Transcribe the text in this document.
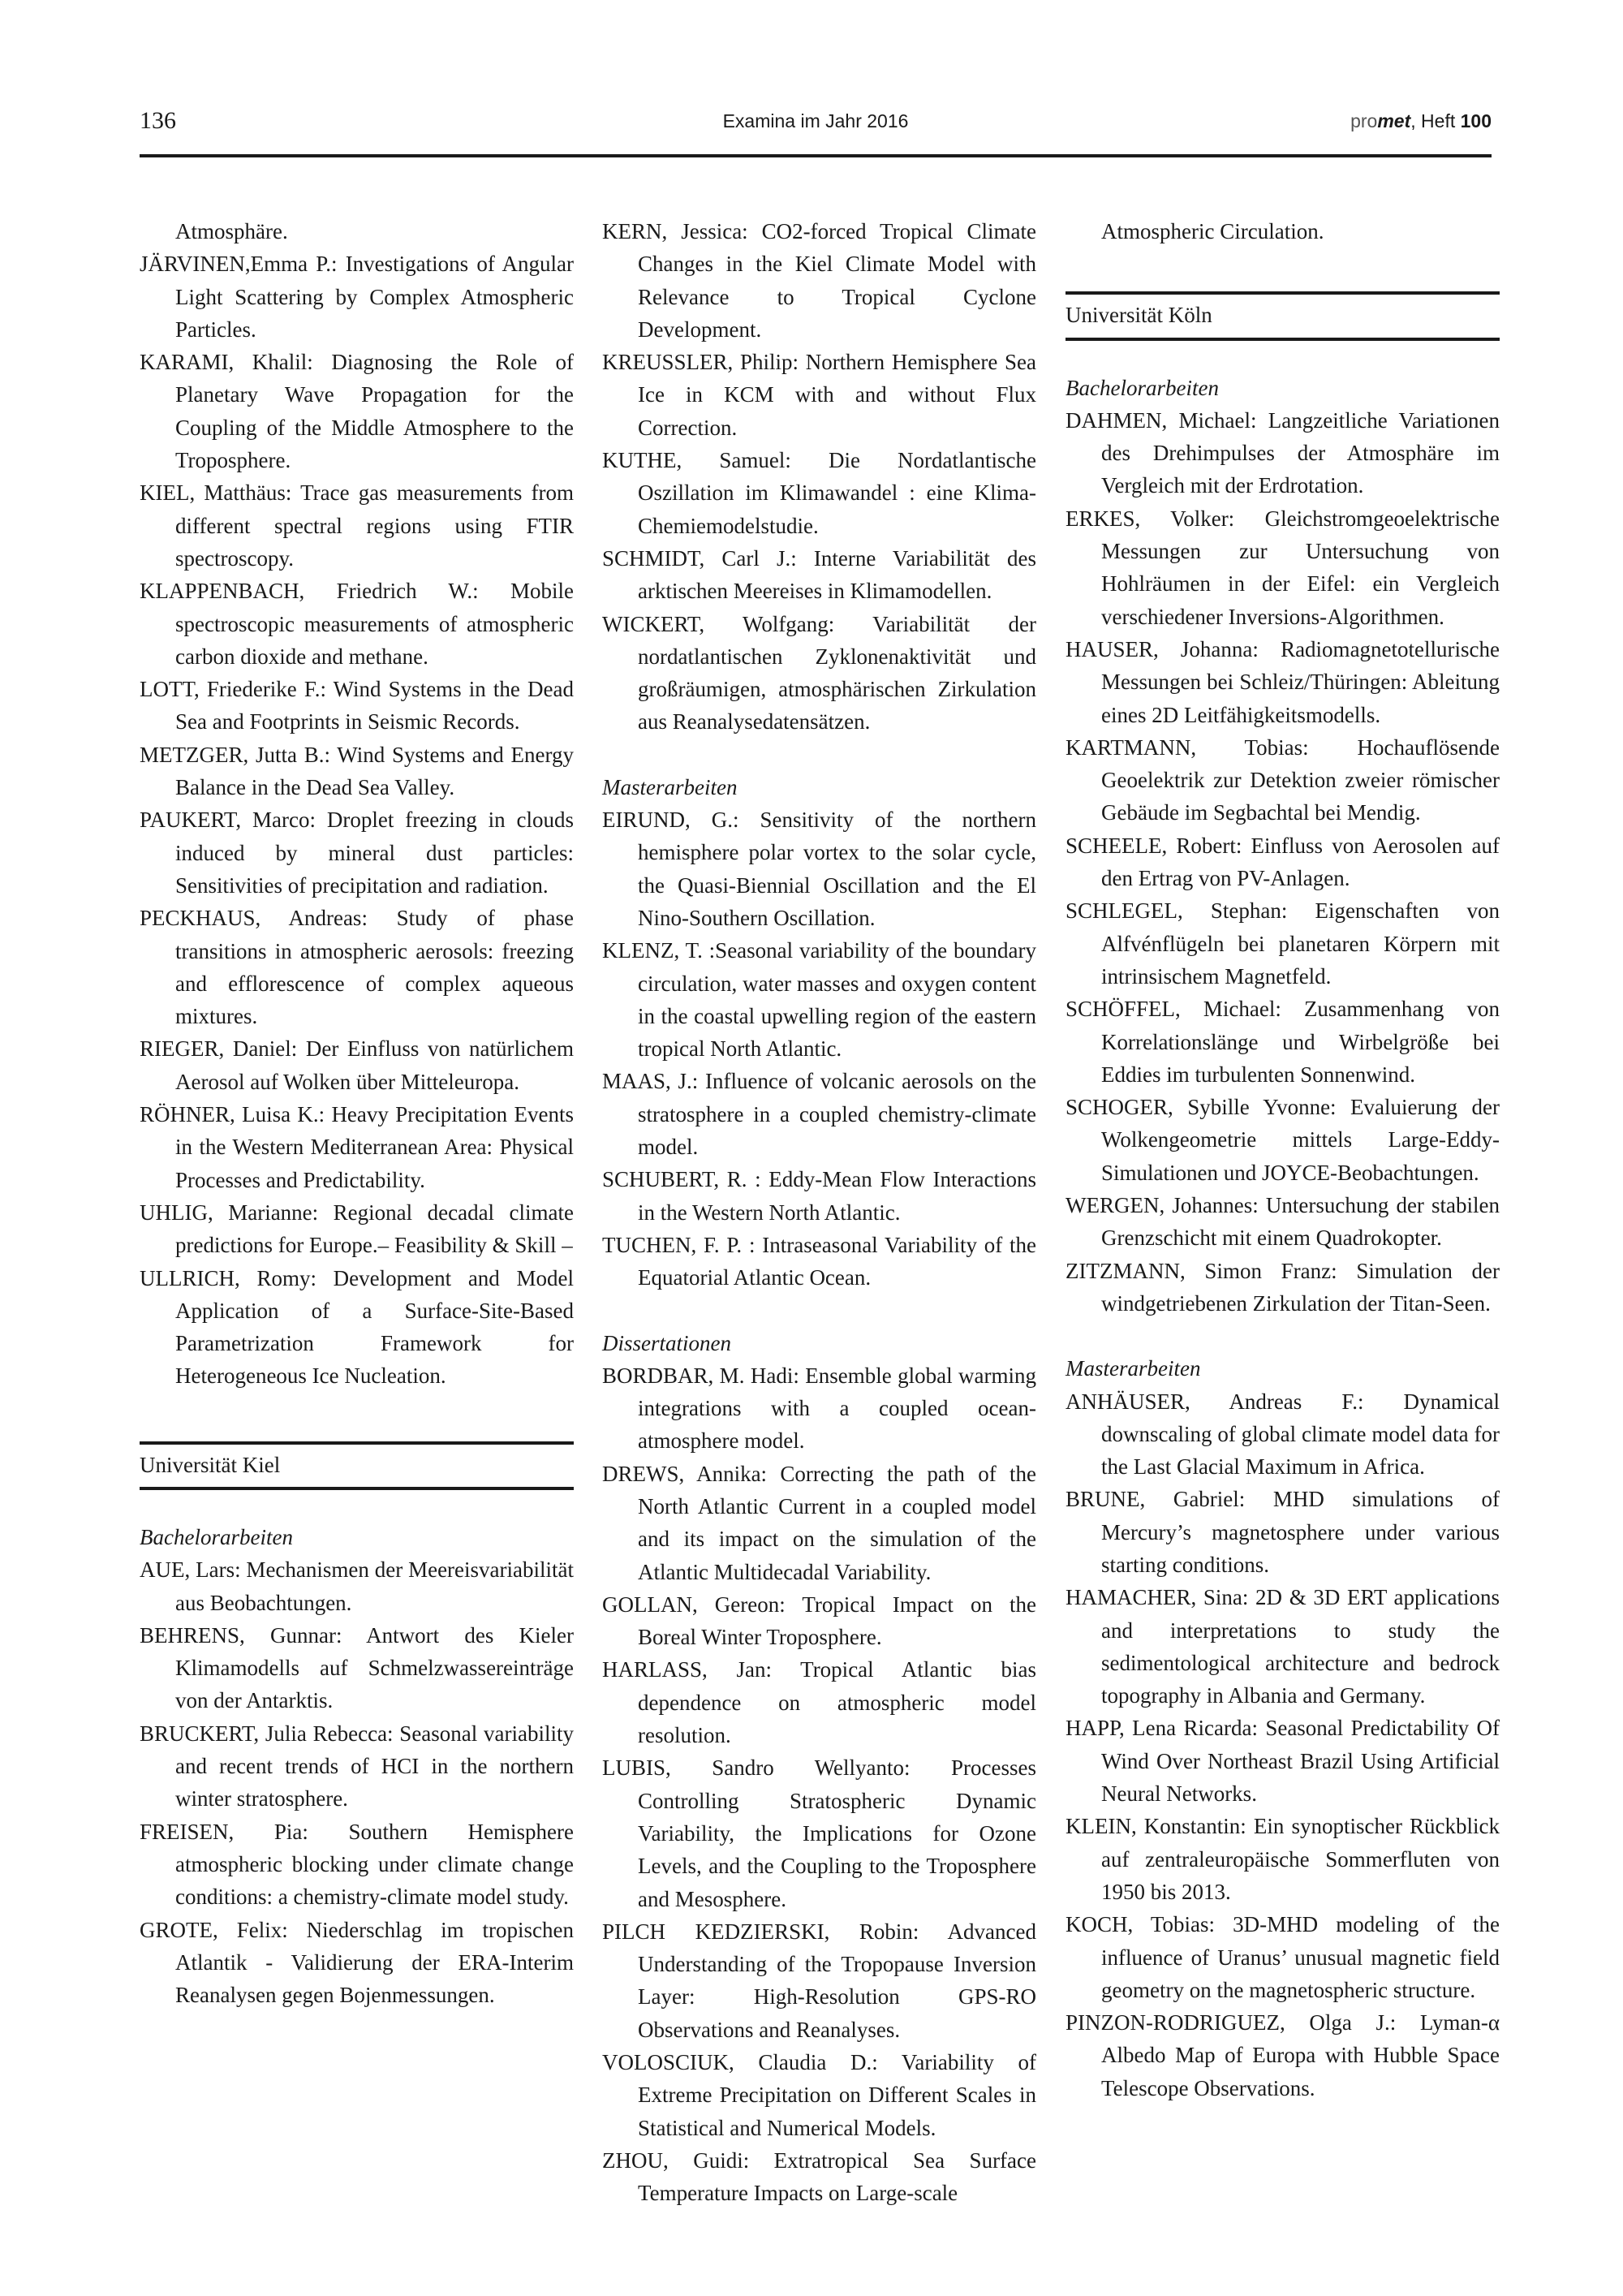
136	Examina im Jahr 2016	promet, Heft 100
Atmosphäre.
JÄRVINEN,Emma P.: Investigations of Angular Light Scattering by Complex Atmospheric Particles.
KARAMI, Khalil: Diagnosing the Role of Planetary Wave Propagation for the Coupling of the Middle Atmosphere to the Troposphere.
KIEL, Matthäus: Trace gas measurements from different spectral regions using FTIR spectroscopy.
KLAPPENBACH, Friedrich W.: Mobile spectroscopic measurements of atmospheric carbon dioxide and methane.
LOTT, Friederike F.: Wind Systems in the Dead Sea and Footprints in Seismic Records.
METZGER, Jutta B.: Wind Systems and Energy Balance in the Dead Sea Valley.
PAUKERT, Marco: Droplet freezing in clouds induced by mineral dust particles: Sensitivities of precipitation and radiation.
PECKHAUS, Andreas: Study of phase transitions in atmospheric aerosols: freezing and efflorescence of complex aqueous mixtures.
RIEGER, Daniel: Der Einfluss von natürlichem Aerosol auf Wolken über Mitteleuropa.
RÖHNER, Luisa K.: Heavy Precipitation Events in the Western Mediterranean Area: Physical Processes and Predictability.
UHLIG, Marianne: Regional decadal climate predictions for Europe.– Feasibility & Skill –
ULLRICH, Romy: Development and Model Application of a Surface-Site-Based Parametrization Framework for Heterogeneous Ice Nucleation.
Universität Kiel
Bachelorarbeiten
AUE, Lars: Mechanismen der Meereisvariabilität aus Beobachtungen.
BEHRENS, Gunnar: Antwort des Kieler Klimamodells auf Schmelzwassereinträge von der Antarktis.
BRUCKERT, Julia Rebecca: Seasonal variability and recent trends of HCI in the northern winter stratosphere.
FREISEN, Pia: Southern Hemisphere atmospheric blocking under climate change conditions: a chemistry-climate model study.
GROTE, Felix: Niederschlag im tropischen Atlantik - Validierung der ERA-Interim Reanalysen gegen Bojenmessungen.
KERN, Jessica: CO2-forced Tropical Climate Changes in the Kiel Climate Model with Relevance to Tropical Cyclone Development.
KREUSSLER, Philip: Northern Hemisphere Sea Ice in KCM with and without Flux Correction.
KUTHE, Samuel: Die Nordatlantische Oszillation im Klimawandel : eine Klima-Chemiemodelstudie.
SCHMIDT, Carl J.: Interne Variabilität des arktischen Meereises in Klimamodellen.
WICKERT, Wolfgang: Variabilität der nordatlantischen Zyklonenaktivität und großräumigen, atmosphärischen Zirkulation aus Reanalysedatensätzen.
Masterarbeiten
EIRUND, G.: Sensitivity of the northern hemisphere polar vortex to the solar cycle, the Quasi-Biennial Oscillation and the El Nino-Southern Oscillation.
KLENZ, T. :Seasonal variability of the boundary circulation, water masses and oxygen content in the coastal upwelling region of the eastern tropical North Atlantic.
MAAS, J.: Influence of volcanic aerosols on the stratosphere in a coupled chemistry-climate model.
SCHUBERT, R. : Eddy-Mean Flow Interactions in the Western North Atlantic.
TUCHEN, F. P. : Intraseasonal Variability of the Equatorial Atlantic Ocean.
Dissertationen
BORDBAR, M. Hadi: Ensemble global warming integrations with a coupled ocean-atmosphere model.
DREWS, Annika: Correcting the path of the North Atlantic Current in a coupled model and its impact on the simulation of the Atlantic Multidecadal Variability.
GOLLAN, Gereon: Tropical Impact on the Boreal Winter Troposphere.
HARLASS, Jan: Tropical Atlantic bias dependence on atmospheric model resolution.
LUBIS, Sandro Wellyanto: Processes Controlling Stratospheric Dynamic Variability, the Implications for Ozone Levels, and the Coupling to the Troposphere and Mesosphere.
PILCH KEDZIERSKI, Robin: Advanced Understanding of the Tropopause Inversion Layer: High-Resolution GPS-RO Observations and Reanalyses.
VOLOSCIUK, Claudia D.: Variability of Extreme Precipitation on Different Scales in Statistical and Numerical Models.
ZHOU, Guidi: Extratropical Sea Surface Temperature Impacts on Large-scale
Atmospheric Circulation.
Universität Köln
Bachelorarbeiten
DAHMEN, Michael: Langzeitliche Variationen des Drehimpulses der Atmosphäre im Vergleich mit der Erdrotation.
ERKES, Volker: Gleichstromgeoelektrische Messungen zur Untersuchung von Hohlräumen in der Eifel: ein Vergleich verschiedener Inversions-Algorithmen.
HAUSER, Johanna: Radiomagnetotellurische Messungen bei Schleiz/Thüringen: Ableitung eines 2D Leitfähigkeitsmodells.
KARTMANN, Tobias: Hochauflösende Geoelektrik zur Detektion zweier römischer Gebäude im Segbachtal bei Mendig.
SCHEELE, Robert: Einfluss von Aerosolen auf den Ertrag von PV-Anlagen.
SCHLEGEL, Stephan: Eigenschaften von Alfvénflügeln bei planetaren Körpern mit intrinsischem Magnetfeld.
SCHÖFFEL, Michael: Zusammenhang von Korrelationslänge und Wirbelgröße bei Eddies im turbulenten Sonnenwind.
SCHOGER, Sybille Yvonne: Evaluierung der Wolkengeometrie mittels Large-Eddy-Simulationen und JOYCE-Beobachtungen.
WERGEN, Johannes: Untersuchung der stabilen Grenzschicht mit einem Quadrokopter.
ZITZMANN, Simon Franz: Simulation der windgetriebenen Zirkulation der Titan-Seen.
Masterarbeiten
ANHÄUSER, Andreas F.: Dynamical downscaling of global climate model data for the Last Glacial Maximum in Africa.
BRUNE, Gabriel: MHD simulations of Mercury’s magnetosphere under various starting conditions.
HAMACHER, Sina: 2D & 3D ERT applications and interpretations to study the sedimentological architecture and bedrock topography in Albania and Germany.
HAPP, Lena Ricarda: Seasonal Predictability Of Wind Over Northeast Brazil Using Artificial Neural Networks.
KLEIN, Konstantin: Ein synoptischer Rückblick auf zentraleuropäische Sommerfluten von 1950 bis 2013.
KOCH, Tobias: 3D-MHD modeling of the influence of Uranus’ unusual magnetic field geometry on the magnetospheric structure.
PINZON-RODRIGUEZ, Olga J.: Lyman-α Albedo Map of Europa with Hubble Space Telescope Observations.
